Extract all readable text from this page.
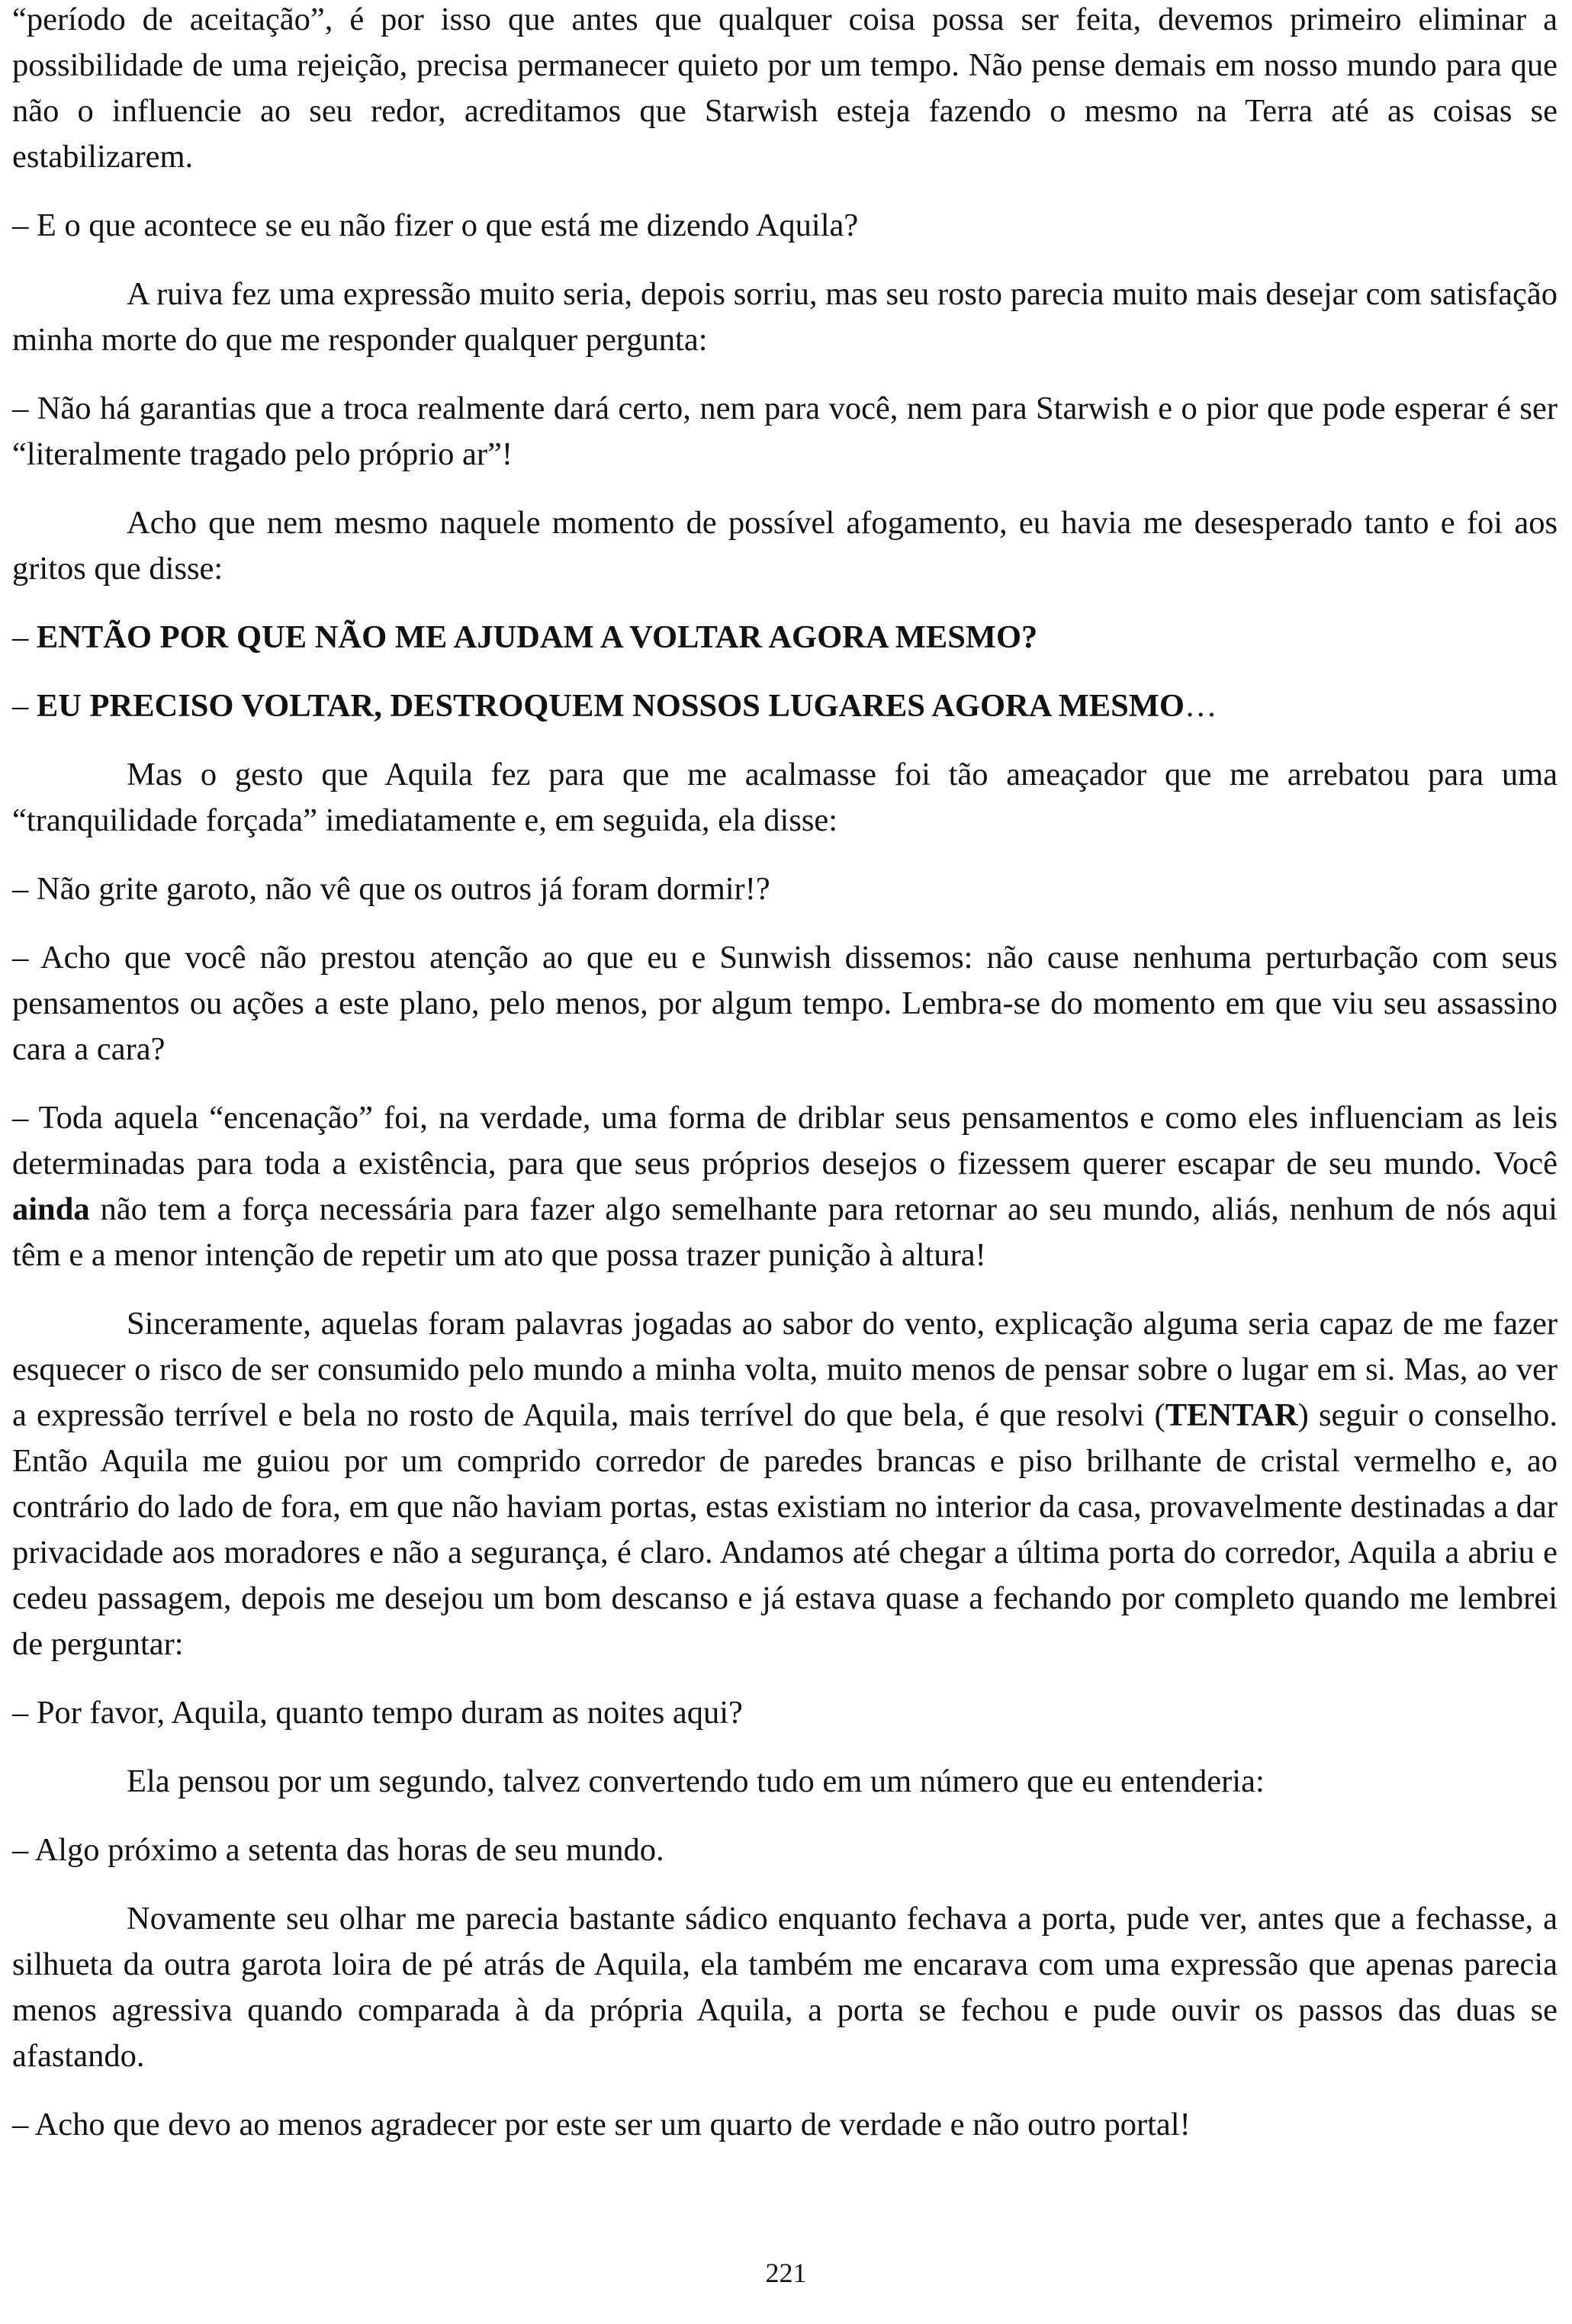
“período de aceitação”, é por isso que antes que qualquer coisa possa ser feita, devemos primeiro eliminar a possibilidade de uma rejeição, precisa permanecer quieto por um tempo. Não pense demais em nosso mundo para que não o influencie ao seu redor, acreditamos que Starwish esteja fazendo o mesmo na Terra até as coisas se estabilizarem.

– E o que acontece se eu não fizer o que está me dizendo Aquila?

A ruiva fez uma expressão muito seria, depois sorriu, mas seu rosto parecia muito mais desejar com satisfação minha morte do que me responder qualquer pergunta:

– Não há garantias que a troca realmente dará certo, nem para você, nem para Starwish e o pior que pode esperar é ser “literalmente tragado pelo próprio ar”!

Acho que nem mesmo naquele momento de possível afogamento, eu havia me desesperado tanto e foi aos gritos que disse:

– ENTÃO POR QUE NÃO ME AJUDAM A VOLTAR AGORA MESMO?

– EU PRECISO VOLTAR, DESTROQUEM NOSSOS LUGARES AGORA MESMO…

Mas o gesto que Aquila fez para que me acalmasse foi tão ameaçador que me arrebatou para uma “tranquilidade forçada” imediatamente e, em seguida, ela disse:

– Não grite garoto, não vê que os outros já foram dormir!?

– Acho que você não prestou atenção ao que eu e Sunwish dissemos: não cause nenhuma perturbação com seus pensamentos ou ações a este plano, pelo menos, por algum tempo. Lembra-se do momento em que viu seu assassino cara a cara?

– Toda aquela “encenação” foi, na verdade, uma forma de driblar seus pensamentos e como eles influenciam as leis determinadas para toda a existência, para que seus próprios desejos o fizessem querer escapar de seu mundo. Você ainda não tem a força necessária para fazer algo semelhante para retornar ao seu mundo, aliás, nenhum de nós aqui têm e a menor intenção de repetir um ato que possa trazer punição à altura!

Sinceramente, aquelas foram palavras jogadas ao sabor do vento, explicação alguma seria capaz de me fazer esquecer o risco de ser consumido pelo mundo a minha volta, muito menos de pensar sobre o lugar em si. Mas, ao ver a expressão terrível e bela no rosto de Aquila, mais terrível do que bela, é que resolvi (TENTAR) seguir o conselho. Então Aquila me guiou por um comprido corredor de paredes brancas e piso brilhante de cristal vermelho e, ao contrário do lado de fora, em que não haviam portas, estas existiam no interior da casa, provavelmente destinadas a dar privacidade aos moradores e não a segurança, é claro. Andamos até chegar a última porta do corredor, Aquila a abriu e cedeu passagem, depois me desejou um bom descanso e já estava quase a fechando por completo quando me lembrei de perguntar:

– Por favor, Aquila, quanto tempo duram as noites aqui?

Ela pensou por um segundo, talvez convertendo tudo em um número que eu entenderia:

– Algo próximo a setenta das horas de seu mundo.

Novamente seu olhar me parecia bastante sádico enquanto fechava a porta, pude ver, antes que a fechasse, a silhueta da outra garota loira de pé atrás de Aquila, ela também me encarava com uma expressão que apenas parecia menos agressiva quando comparada à da própria Aquila, a porta se fechou e pude ouvir os passos das duas se afastando.

– Acho que devo ao menos agradecer por este ser um quarto de verdade e não outro portal!

221
